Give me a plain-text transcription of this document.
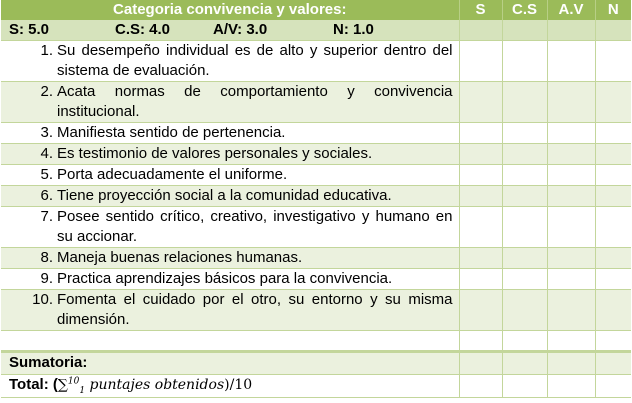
Categoria convivencia y valores:	S	C.S	A.V	N

S: 5.0 C.S: 4.0 A/V: 3.0 N: 1.0				

1. Su desempeño individual es de alto y superior dentro del sistema de evaluación.				

2. Acata normas de comportamiento y convivencia institucional.				

3. Manifiesta sentido de pertenencia.				

4. Es testimonio de valores personales y sociales.				

5. Porta adecuadamente el uniforme.				

6. Tiene proyección social a la comunidad educativa.				

7. Posee sentido crítico, creativo, investigativo y humano en su accionar.				

8. Maneja buenas relaciones humanas.				

9. Practica aprendizajes básicos para la convivencia.				

10. Fomenta el cuidado por el otro, su entorno y su misma dimensión.				

Sumatoria:				

Total: (∑$^{10}_1$ puntajes obtenidos)/10				
